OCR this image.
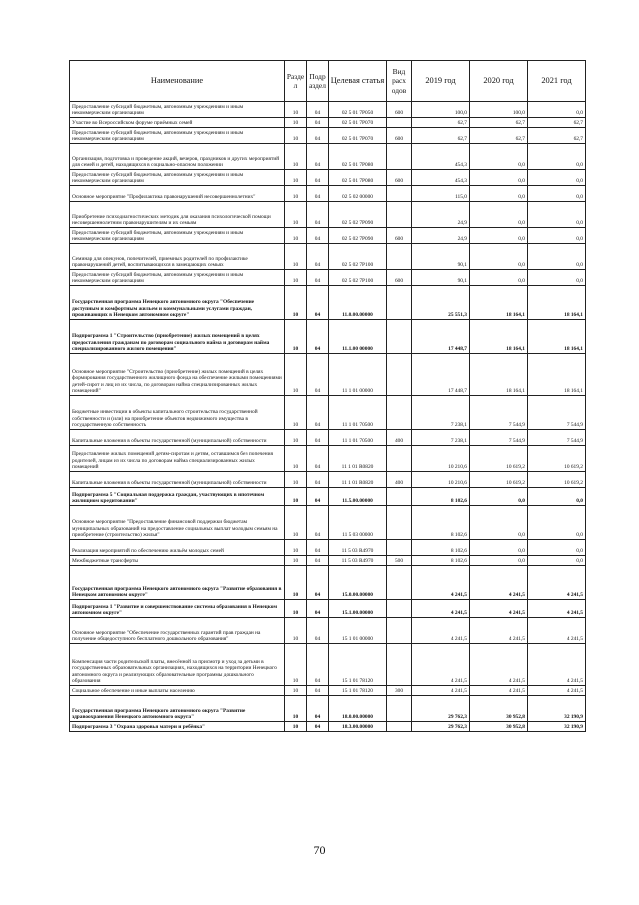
Наименование	Разде л	Подр аздел	Целевая статья	Вид расх одов	2019 год	2020 год	2021 год
Предоставление субсидий бюджетным, автономным учреждениям и иным некоммерческим организациям	10	04	02 5 01 7Р050	600	100,0	100,0	0,0
Участие во Всероссийском форуме приёмных семей	10	04	02 5 01 7Р070		62,7	62,7	62,7
Предоставление субсидий бюджетным, автономным учреждениям и иным некоммерческим организациям	10	04	02 5 01 7Р070	600	62,7	62,7	62,7
Организация, подготовка и проведение акций, вечеров, праздников и других мероприятий для семей и детей, находящихся в социально-опасном положении	10	04	02 5 01 7Р080		454,3	0,0	0,0
Предоставление субсидий бюджетным, автономным учреждениям и иным некоммерческим организациям	10	04	02 5 01 7Р080	600	454,3	0,0	0,0
Основное мероприятие "Профилактика правонарушений несовершеннолетних"	10	04	02 5 02 00000		115,0	0,0	0,0
Приобретение психодиагностических методик для оказания психологической помощи несовершеннолетним правонарушителям и их семьям	10	04	02 5 02 7Р090		24,9	0,0	0,0
Предоставление субсидий бюджетным, автономным учреждениям и иным некоммерческим организациям	10	04	02 5 02 7Р090	600	24,9	0,0	0,0
Семинар для опекунов, попечителей, приемных родителей по профилактике правонарушений детей, воспитывающихся в замещающих семьях	10	04	02 5 02 7Р100		90,1	0,0	0,0
Предоставление субсидий бюджетным, автономным учреждениям и иным некоммерческим организациям	10	04	02 5 02 7Р100	600	90,1	0,0	0,0
Государственная программа Ненецкого автономного округа "Обеспечение доступным и комфортным жильем и коммунальными услугами граждан, проживающих в Ненецком автономном округе"	10	04	11.0.00.00000		25 551,3	18 164,1	18 164,1
Подпрограмма 1 "Строительство (приобретение) жилых помещений в целях предоставления гражданам по договорам социального найма и договорам найма специализированного жилого помещения"	10	04	11.1.00 00000		17 448,7	18 164,1	18 164,1
Основное мероприятие "Строительство (приобретение) жилых помещений в целях формирования государственного жилищного фонда на обеспечение жилыми помещениями детей-сирот и лиц из их числа, по договорам найма специализированных жилых помещений"	10	04	11 1 01 00000		17 448,7	18 164,1	18 164,1
Бюджетные инвестиции в объекты капитального строительства государственной собственности и (или) на приобретение объектов недвижимого имущества в государственную собственность	10	04	11 1 01 70500		7 238,1	7 544,9	7 544,9
Капитальные вложения в объекты государственной (муниципальной) собственности	10	04	11 1 01 70500	400	7 238,1	7 544,9	7 544,9
Предоставление жилых помещений детям-сиротам и детям, оставшимся без попечения родителей, лицам из их числа по договорам найма специализированных жилых помещений	10	04	11 1 01 R0820		10 210,6	10 619,2	10 619,2
Капитальные вложения в объекты государственной (муниципальной) собственности	10	04	11 1 01 R0820	400	10 210,6	10 619,2	10 619,2
Подпрограмма 5 "Социальная поддержка граждан, участвующих в ипотечном жилищном кредитовании"	10	04	11.5.00.00000		8 102,6	0,0	0,0
Основное мероприятие "Предоставление финансовой поддержки бюджетам муниципальных образований на предоставление социальных выплат молодым семьям на приобретение (строительство) жилья"	10	04	11 5 03 00000		8 102,6	0,0	0,0
Реализация мероприятий по обеспечению жильём молодых семей	10	04	11 5 03 R4970		8 102,6	0,0	0,0
Межбюджетные трансферты	10	04	11 5 03 R4970	500	8 102,6	0,0	0,0
Государственная программа Ненецкого автономного округа "Развитие образования в Ненецком автономном округе"	10	04	15.0.00.00000		4 241,5	4 241,5	4 241,5
Подпрограмма 1 "Развитие и совершенствование системы образования в Ненецком автономном округе"	10	04	15.1.00.00000		4 241,5	4 241,5	4 241,5
Основное мероприятие "Обеспечение государственных гарантий прав граждан на получение общедоступного бесплатного дошкольного образования"	10	04	15 1 01 00000		4 241,5	4 241,5	4 241,5
Компенсация части родительской платы, внесённой за присмотр и уход за детьми в государственных образовательных организациях, находящихся на территории Ненецкого автономного округа и реализующих образовательные программы дошкольного образования	10	04	15 1 01 78120		4 241,5	4 241,5	4 241,5
Социальное обеспечение и иные выплаты населению	10	04	15 1 01 78120	300	4 241,5	4 241,5	4 241,5
Государственная программа Ненецкого автономного округа "Развитие здравоохранения Ненецкого автономного округа"	10	04	18.0.00.00000		29 762,3	30 952,8	32 190,9
Подпрограмма 3 "Охрана здоровья матери и ребёнка"	10	04	18.3.00.00000		29 762,3	30 952,8	32 190,9
70
